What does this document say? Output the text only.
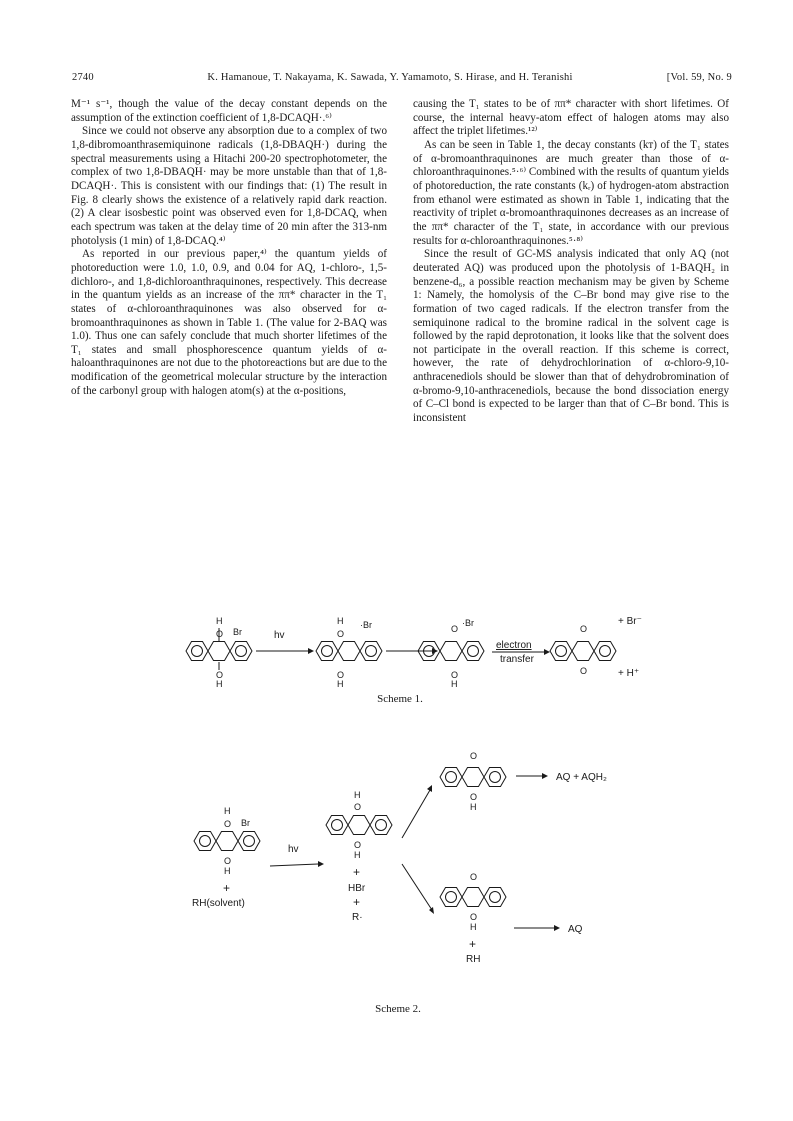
2740	K. Hamanoue, T. Nakayama, K. Sawada, Y. Yamamoto, S. Hirase, and H. Teranishi	[Vol. 59, No. 9

M⁻¹ s⁻¹, though the value of the decay constant depends on the assumption of the extinction coefficient of 1,8-DCAQH·.⁶⁾

Since we could not observe any absorption due to a complex of two 1,8-dibromoanthrasemiquinone radicals (1,8-DBAQH·) during the spectral measurements using a Hitachi 200-20 spectrophotometer, the complex of two 1,8-DBAQH· may be more unstable than that of 1,8-DCAQH·. This is consistent with our findings that: (1) The result in Fig. 8 clearly shows the existence of a relatively rapid dark reaction. (2) A clear isosbestic point was observed even for 1,8-DCAQ, when each spectrum was taken at the delay time of 20 min after the 313-nm photolysis (1 min) of 1,8-DCAQ.⁴⁾

As reported in our previous paper,⁴⁾ the quantum yields of photoreduction were 1.0, 1.0, 0.9, and 0.04 for AQ, 1-chloro-, 1,5-dichloro-, and 1,8-dichloroanthraquinones, respectively. This decrease in the quantum yields as an increase of the ππ* character in the T₁ states of α-chloroanthraquinones was also observed for α-bromoanthraquinones as shown in Table 1. (The value for 2-BAQ was 1.0). Thus one can safely conclude that much shorter lifetimes of the T₁ states and small phosphorescence quantum yields of α-haloanthraquinones are not due to the photoreactions but are due to the modification of the geometrical molecular structure by the interaction of the carbonyl group with halogen atom(s) at the α-positions,

causing the T₁ states to be of ππ* character with short lifetimes. Of course, the internal heavy-atom effect of halogen atoms may also affect the triplet lifetimes.¹²⁾

As can be seen in Table 1, the decay constants (kᴛ) of the T₁ states of α-bromoanthraquinones are much greater than those of α-chloroanthraquinones.⁵·⁶⁾ Combined with the results of quantum yields of photoreduction, the rate constants (kᵣ) of hydrogen-atom abstraction from ethanol were estimated as shown in Table 1, indicating that the reactivity of triplet α-bromoanthraquinones decreases as an increase of the ππ* character of the T₁ state, in accordance with our previous results for α-chloroanthraquinones.⁵·⁸⁾

Since the result of GC-MS analysis indicated that only AQ (not deuterated AQ) was produced upon the photolysis of 1-BAQH₂ in benzene-d₆, a possible reaction mechanism may be given by Scheme 1: Namely, the homolysis of the C–Br bond may give rise to the formation of two caged radicals. If the electron transfer from the semiquinone radical to the bromine radical in the solvent cage is followed by the rapid deprotonation, it looks like that the solvent does not participate in the overall reaction. If this scheme is correct, however, the rate of dehydrochlorination of α-chloro-9,10-anthracenediols should be slower than that of dehydrobromination of α-bromo-9,10-anthracenediols, because the bond dissociation energy of C–Cl bond is expected to be larger than that of C–Br bond. This is inconsistent

H
O Br
O
H
hv
H
O
·Br
O
H
O
·Br
O
H
electron
transfer
O
O
+ Br⁻
+ H⁺
Scheme 1.
H
O Br
O
H
+
RH(solvent)
hv
H
O
O
H
+
HBr
+
R·
O
O
H
AQ + AQH₂
O
O
H
+
RH
AQ
Scheme 2.
